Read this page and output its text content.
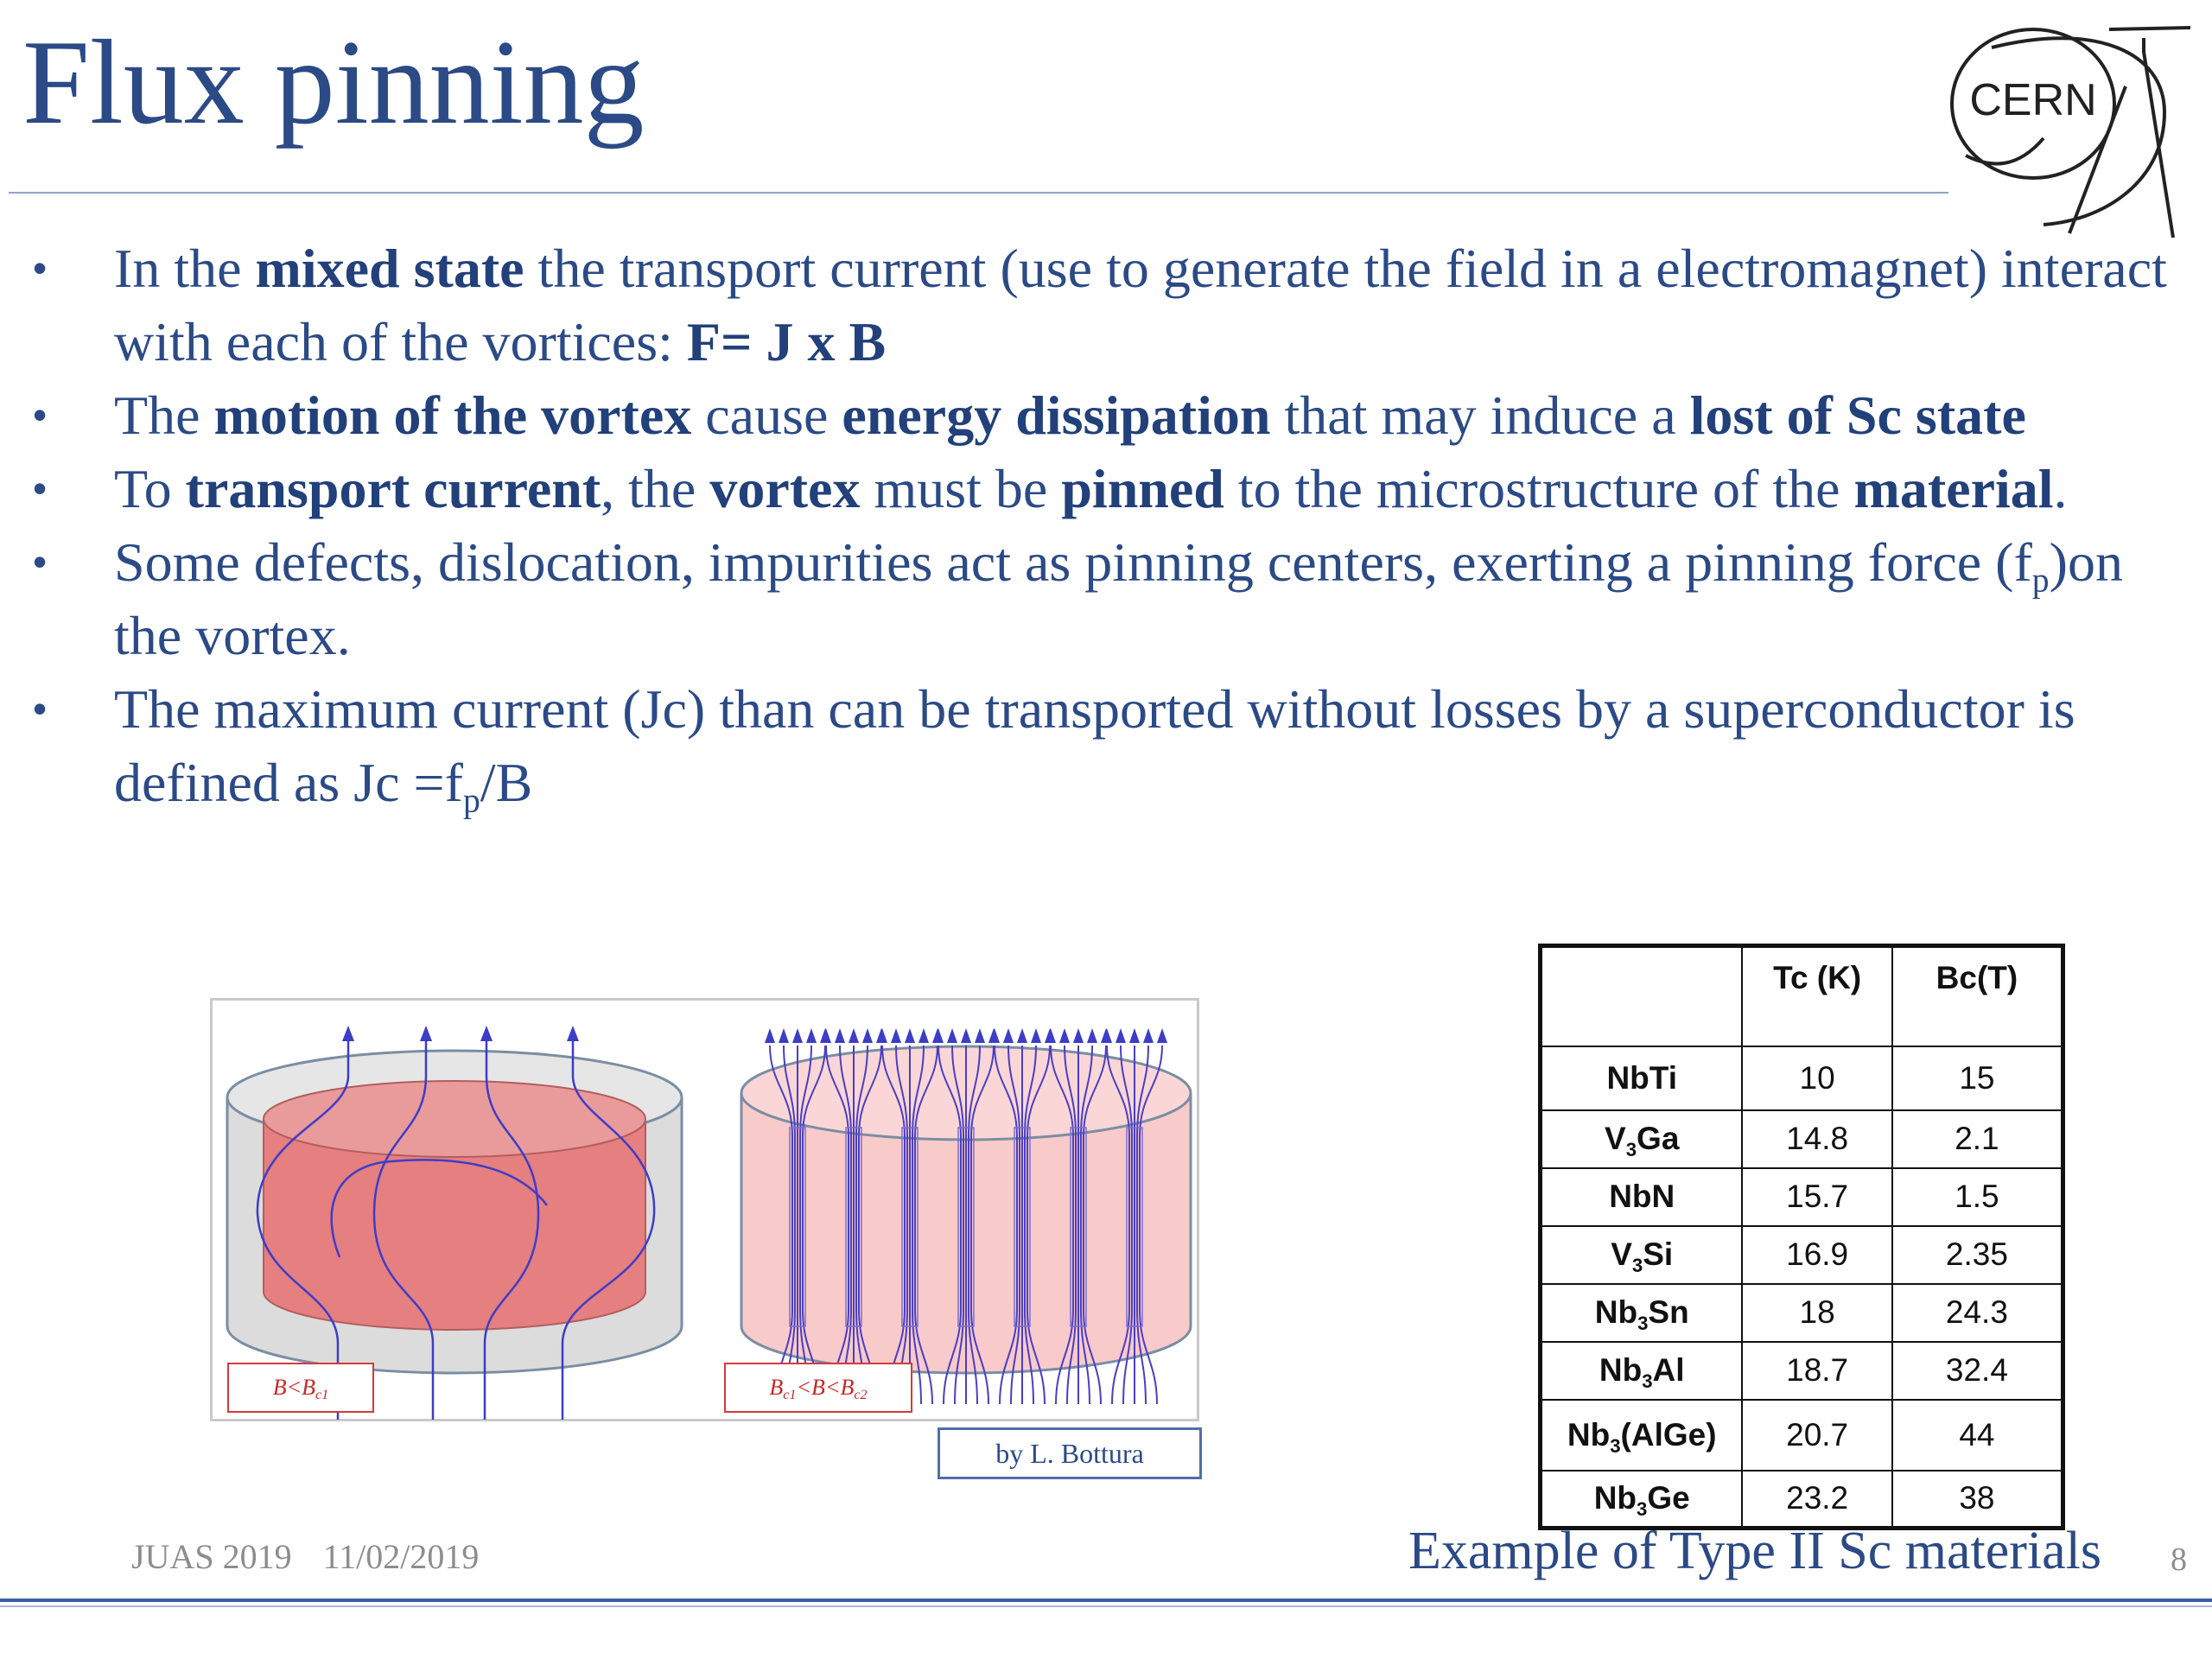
Flux pinning	CERN
• In the mixed state the transport current (use to generate the field in a electromagnet) interact with each of the vortices: F= J x B
• The motion of the vortex cause energy dissipation that may induce a lost of Sc state
• To transport current, the vortex must be pinned to the microstructure of the material.
• Some defects, dislocation, impurities act as pinning centers, exerting a pinning force $(f_p)on$ the vortex.
• The maximum current (Jc) than can be transported without losses by a superconductor is defined as $Jc =f_p/B$
$B<B_{c1}$	$B_{c1}<B<B_{c2}$
by L. Bottura
	Tc (K)	Bc(T)
NbTi	10	15
$V_3Ga$	14.8	2.1
NbN	15.7	1.5
$V_3Si$	16.9	2.35
$Nb_3Sn$	18	24.3
$Nb_3Al$	18.7	32.4
$Nb_3(AlGe)$	20.7	44
$Nb_3Ge$	23.2	38
Example of Type II Sc materials
JUAS 2019 11/02/2019	8
